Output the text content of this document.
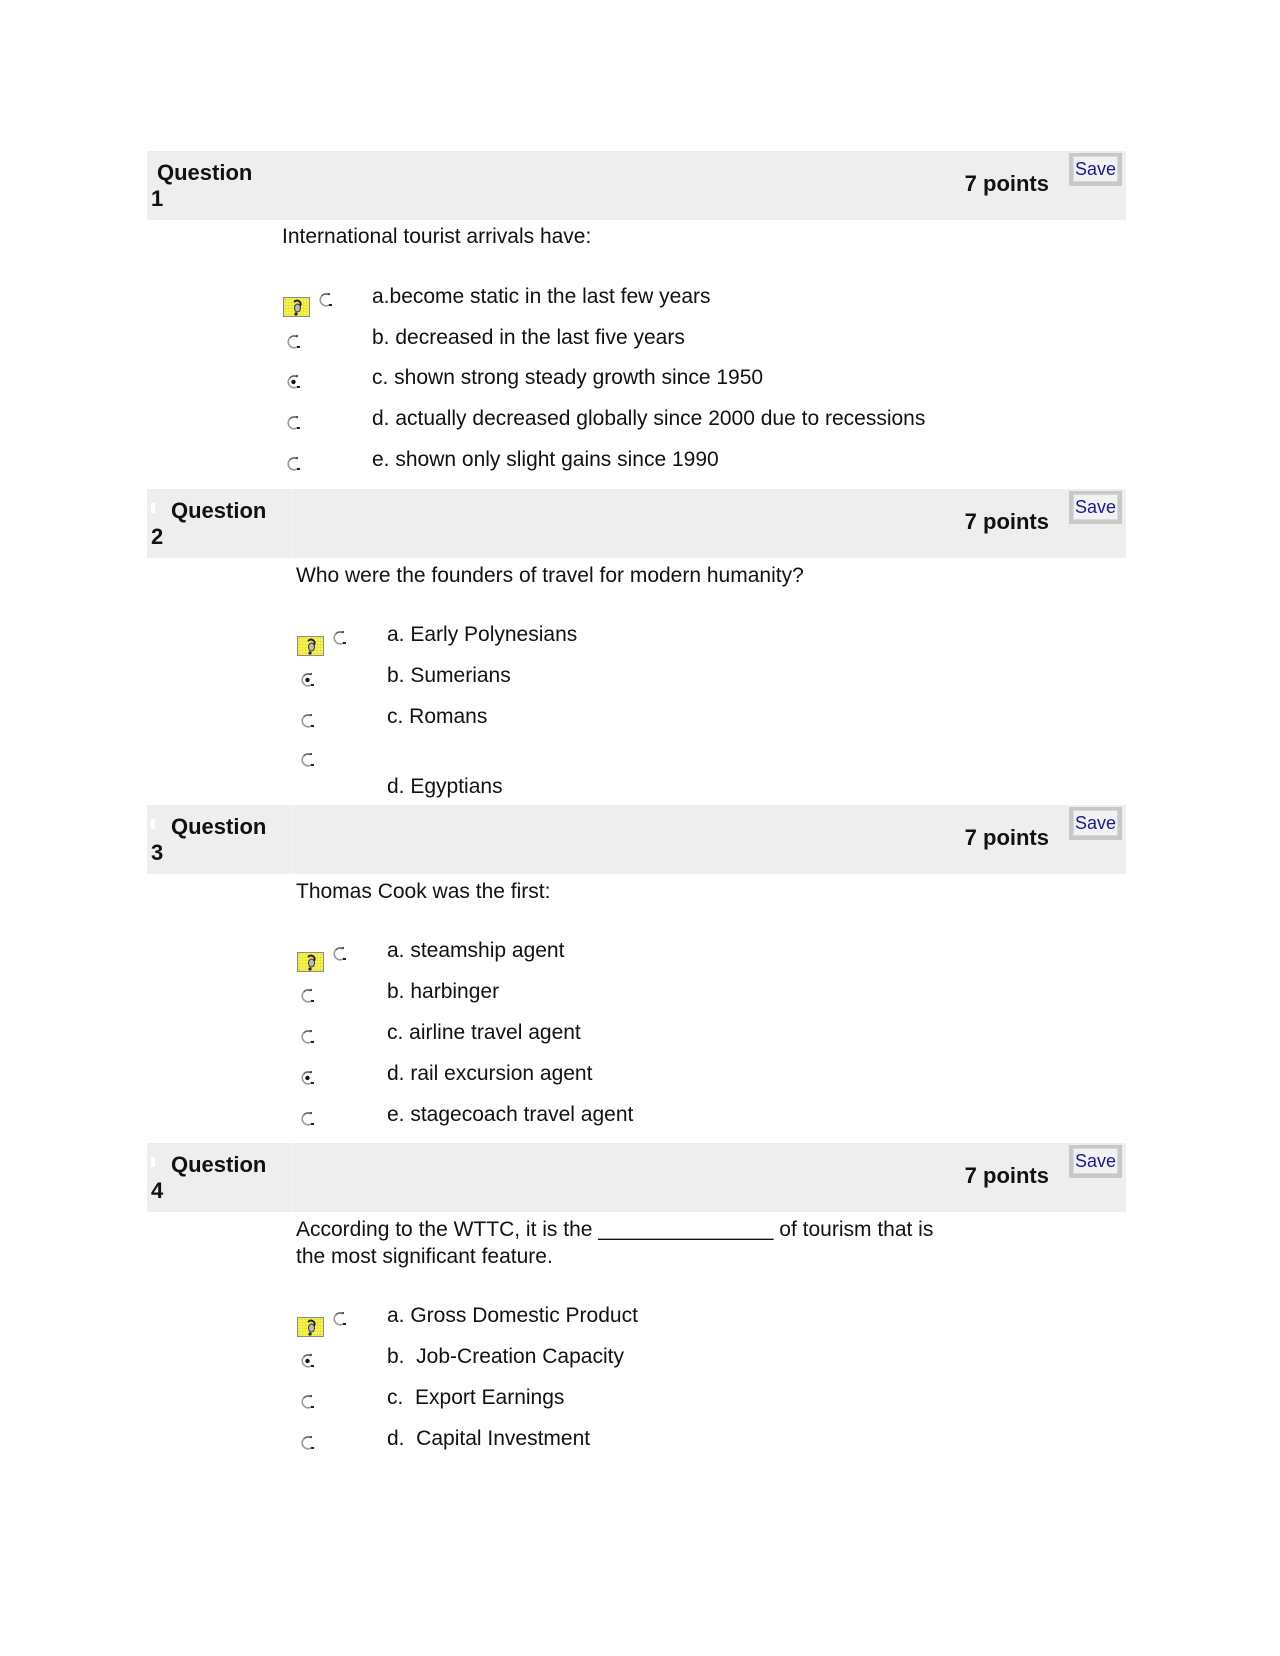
Question
1
7 points
Save
International tourist arrivals have:
a.become static in the last few years
b. decreased in the last five years
c. shown strong steady growth since 1950
d. actually decreased globally since 2000 due to recessions
e. shown only slight gains since 1990
Question
2
7 points
Save
Who were the founders of travel for modern humanity?
a. Early Polynesians
b. Sumerians
c. Romans
d. Egyptians
Question
3
7 points
Save
Thomas Cook was the first:
a. steamship agent
b. harbinger
c. airline travel agent
d. rail excursion agent
e. stagecoach travel agent
Question
4
7 points
Save
According to the WTTC, it is the _______________ of tourism that is
the most significant feature.
a. Gross Domestic Product
b.  Job-Creation Capacity
c.  Export Earnings
d.  Capital Investment
